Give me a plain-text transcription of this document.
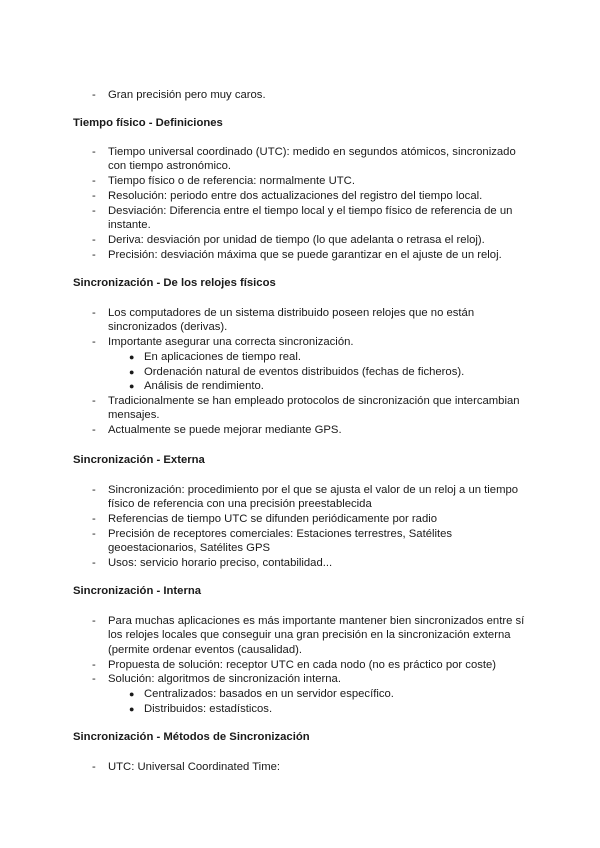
-	Gran precisión pero muy caros.
Tiempo físico - Definiciones
-	Tiempo universal coordinado (UTC): medido en segundos atómicos, sincronizado
con tiempo astronómico.
-	Tiempo físico o de referencia: normalmente UTC.
-	Resolución: periodo entre dos actualizaciones del registro del tiempo local.
-	Desviación: Diferencia entre el tiempo local y el tiempo físico de referencia de un
instante.
-	Deriva: desviación por unidad de tiempo (lo que adelanta o retrasa el reloj).
-	Precisión: desviación máxima que se puede garantizar en el ajuste de un reloj.
Sincronización - De los relojes físicos
-	Los computadores de un sistema distribuido poseen relojes que no están
sincronizados (derivas).
-	Importante asegurar una correcta sincronización.
● En aplicaciones de tiempo real.
● Ordenación natural de eventos distribuidos (fechas de ficheros).
● Análisis de rendimiento.
-	Tradicionalmente se han empleado protocolos de sincronización que intercambian
mensajes.
-	Actualmente se puede mejorar mediante GPS.
Sincronización - Externa
-	Sincronización: procedimiento por el que se ajusta el valor de un reloj a un tiempo
físico de referencia con una precisión preestablecida
-	Referencias de tiempo UTC se difunden periódicamente por radio
-	Precisión de receptores comerciales: Estaciones terrestres, Satélites
geoestacionarios, Satélites GPS
-	Usos: servicio horario preciso, contabilidad...
Sincronización - Interna
-	Para muchas aplicaciones es más importante mantener bien sincronizados entre sí
los relojes locales que conseguir una gran precisión en la sincronización externa
(permite ordenar eventos (causalidad).
-	Propuesta de solución: receptor UTC en cada nodo (no es práctico por coste)
-	Solución: algoritmos de sincronización interna.
● Centralizados: basados en un servidor específico.
● Distribuidos: estadísticos.
Sincronización - Métodos de Sincronización
-	UTC: Universal Coordinated Time:
